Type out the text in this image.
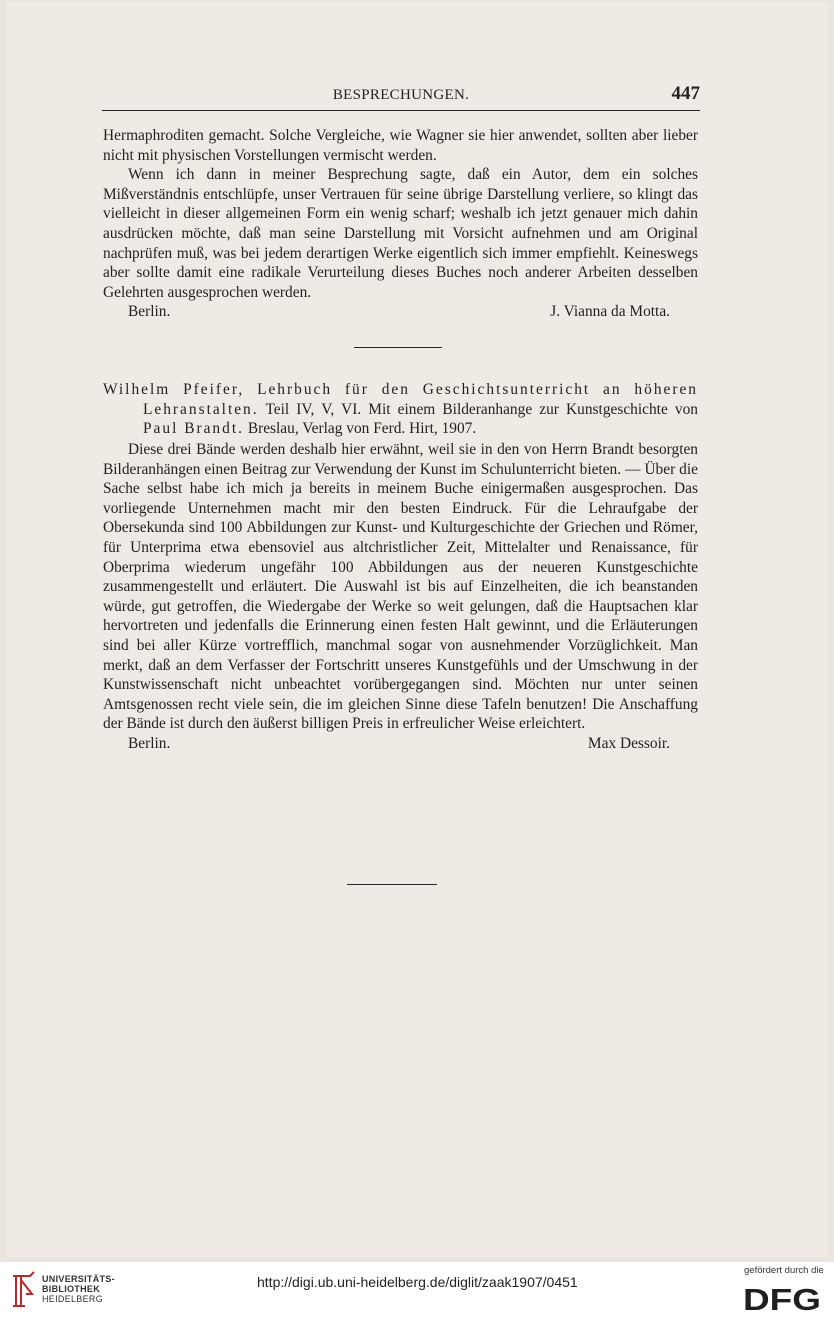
BESPRECHUNGEN.	447

Hermaphroditen gemacht. Solche Vergleiche, wie Wagner sie hier anwendet, sollten aber lieber nicht mit physischen Vorstellungen vermischt werden.

Wenn ich dann in meiner Besprechung sagte, daß ein Autor, dem ein solches Mißverständnis entschlüpfe, unser Vertrauen für seine übrige Darstellung verliere, so klingt das vielleicht in dieser allgemeinen Form ein wenig scharf; weshalb ich jetzt genauer mich dahin ausdrücken möchte, daß man seine Darstellung mit Vorsicht aufnehmen und am Original nachprüfen muß, was bei jedem derartigen Werke eigentlich sich immer empfiehlt. Keineswegs aber sollte damit eine radikale Verurteilung dieses Buches noch anderer Arbeiten desselben Gelehrten ausgesprochen werden.

Berlin.	J. Vianna da Motta.

Wilhelm Pfeifer, Lehrbuch für den Geschichtsunterricht an höheren Lehranstalten. Teil IV, V, VI. Mit einem Bilderanhange zur Kunstgeschichte von Paul Brandt. Breslau, Verlag von Ferd. Hirt, 1907.

Diese drei Bände werden deshalb hier erwähnt, weil sie in den von Herrn Brandt besorgten Bilderanhängen einen Beitrag zur Verwendung der Kunst im Schulunterricht bieten. — Über die Sache selbst habe ich mich ja bereits in meinem Buche einigermaßen ausgesprochen. Das vorliegende Unternehmen macht mir den besten Eindruck. Für die Lehraufgabe der Obersekunda sind 100 Abbildungen zur Kunst- und Kulturgeschichte der Griechen und Römer, für Unterprima etwa ebensoviel aus altchristlicher Zeit, Mittelalter und Renaissance, für Oberprima wiederum ungefähr 100 Abbildungen aus der neueren Kunstgeschichte zusammengestellt und erläutert. Die Auswahl ist bis auf Einzelheiten, die ich beanstanden würde, gut getroffen, die Wiedergabe der Werke so weit gelungen, daß die Hauptsachen klar hervortreten und jedenfalls die Erinnerung einen festen Halt gewinnt, und die Erläuterungen sind bei aller Kürze vortrefflich, manchmal sogar von ausnehmender Vorzüglichkeit. Man merkt, daß an dem Verfasser der Fortschritt unseres Kunstgefühls und der Umschwung in der Kunstwissenschaft nicht unbeachtet vorübergegangen sind. Möchten nur unter seinen Amtsgenossen recht viele sein, die im gleichen Sinne diese Tafeln benutzen! Die Anschaffung der Bände ist durch den äußerst billigen Preis in erfreulicher Weise erleichtert.

Berlin.	Max Dessoir.
UNIVERSITÄTS-
BIBLIOTHEK
HEIDELBERG
http://digi.ub.uni-heidelberg.de/diglit/zaak1907/0451
gefördert durch die
DFG
